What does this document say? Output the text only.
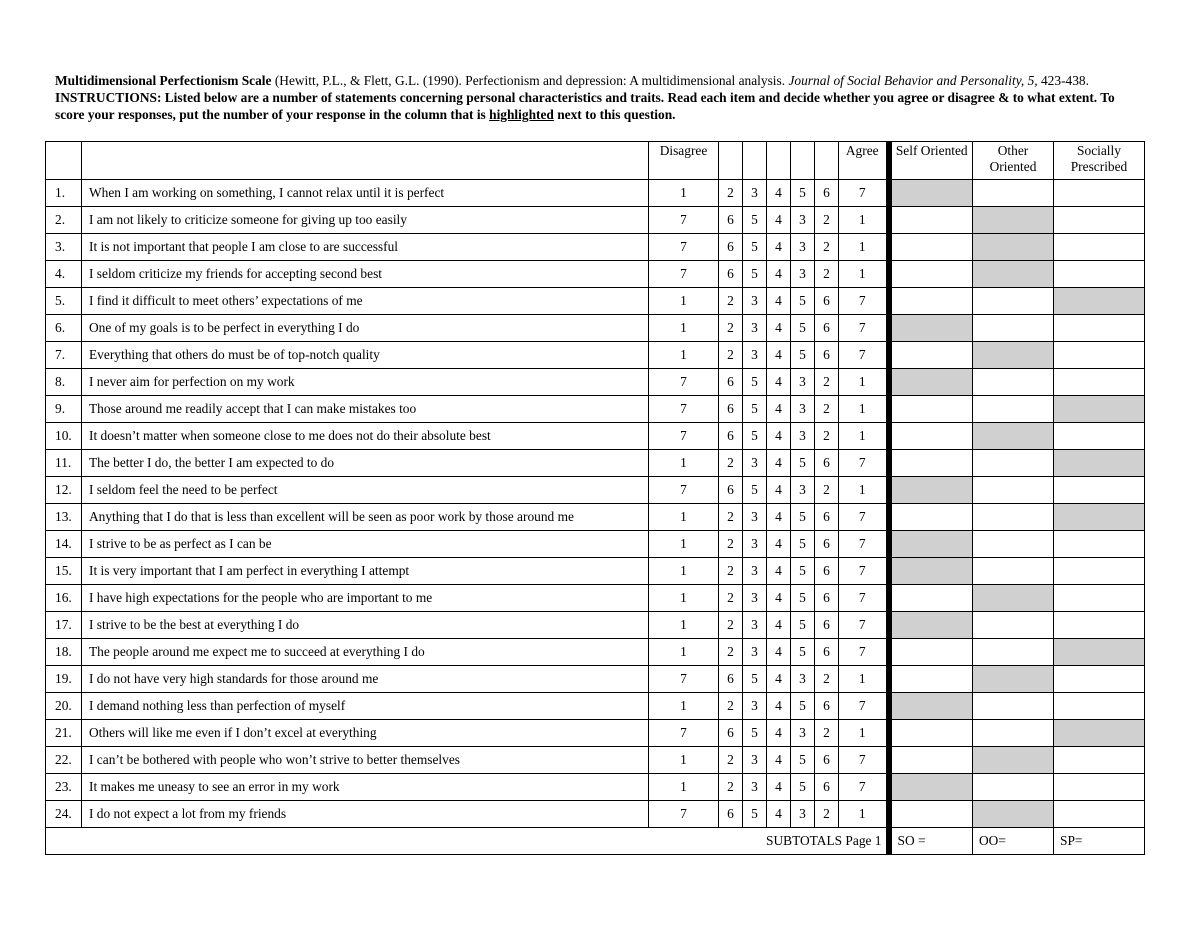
Multidimensional Perfectionism Scale (Hewitt, P.L., & Flett, G.L. (1990). Perfectionism and depression: A multidimensional analysis. Journal of Social Behavior and Personality, 5, 423-438.

INSTRUCTIONS: Listed below are a number of statements concerning personal characteristics and traits. Read each item and decide whether you agree or disagree & to what extent. To score your responses, put the number of your response in the column that is highlighted next to this question.

		Disagree						Agree	Self Oriented	Other Oriented	Socially Prescribed
1.	When I am working on something, I cannot relax until it is perfect	1	2	3	4	5	6	7			
2.	I am not likely to criticize someone for giving up too easily	7	6	5	4	3	2	1			
3.	It is not important that people I am close to are successful	7	6	5	4	3	2	1			
4.	I seldom criticize my friends for accepting second best	7	6	5	4	3	2	1			
5.	I find it difficult to meet others’ expectations of me	1	2	3	4	5	6	7			
6.	One of my goals is to be perfect in everything I do	1	2	3	4	5	6	7			
7.	Everything that others do must be of top-notch quality	1	2	3	4	5	6	7			
8.	I never aim for perfection on my work	7	6	5	4	3	2	1			
9.	Those around me readily accept that I can make mistakes too	7	6	5	4	3	2	1			
10.	It doesn’t matter when someone close to me does not do their absolute best	7	6	5	4	3	2	1			
11.	The better I do, the better I am expected to do	1	2	3	4	5	6	7			
12.	I seldom feel the need to be perfect	7	6	5	4	3	2	1			
13.	Anything that I do that is less than excellent will be seen as poor work by those around me	1	2	3	4	5	6	7			
14.	I strive to be as perfect as I can be	1	2	3	4	5	6	7			
15.	It is very important that I am perfect in everything I attempt	1	2	3	4	5	6	7			
16.	I have high expectations for the people who are important to me	1	2	3	4	5	6	7			
17.	I strive to be the best at everything I do	1	2	3	4	5	6	7			
18.	The people around me expect me to succeed at everything I do	1	2	3	4	5	6	7			
19.	I do not have very high standards for those around me	7	6	5	4	3	2	1			
20.	I demand nothing less than perfection of myself	1	2	3	4	5	6	7			
21.	Others will like me even if I don’t excel at everything	7	6	5	4	3	2	1			
22.	I can’t be bothered with people who won’t strive to better themselves	1	2	3	4	5	6	7			
23.	It makes me uneasy to see an error in my work	1	2	3	4	5	6	7			
24.	I do not expect a lot from my friends	7	6	5	4	3	2	1			
SUBTOTALS Page 1									SO =	OO=	SP=
